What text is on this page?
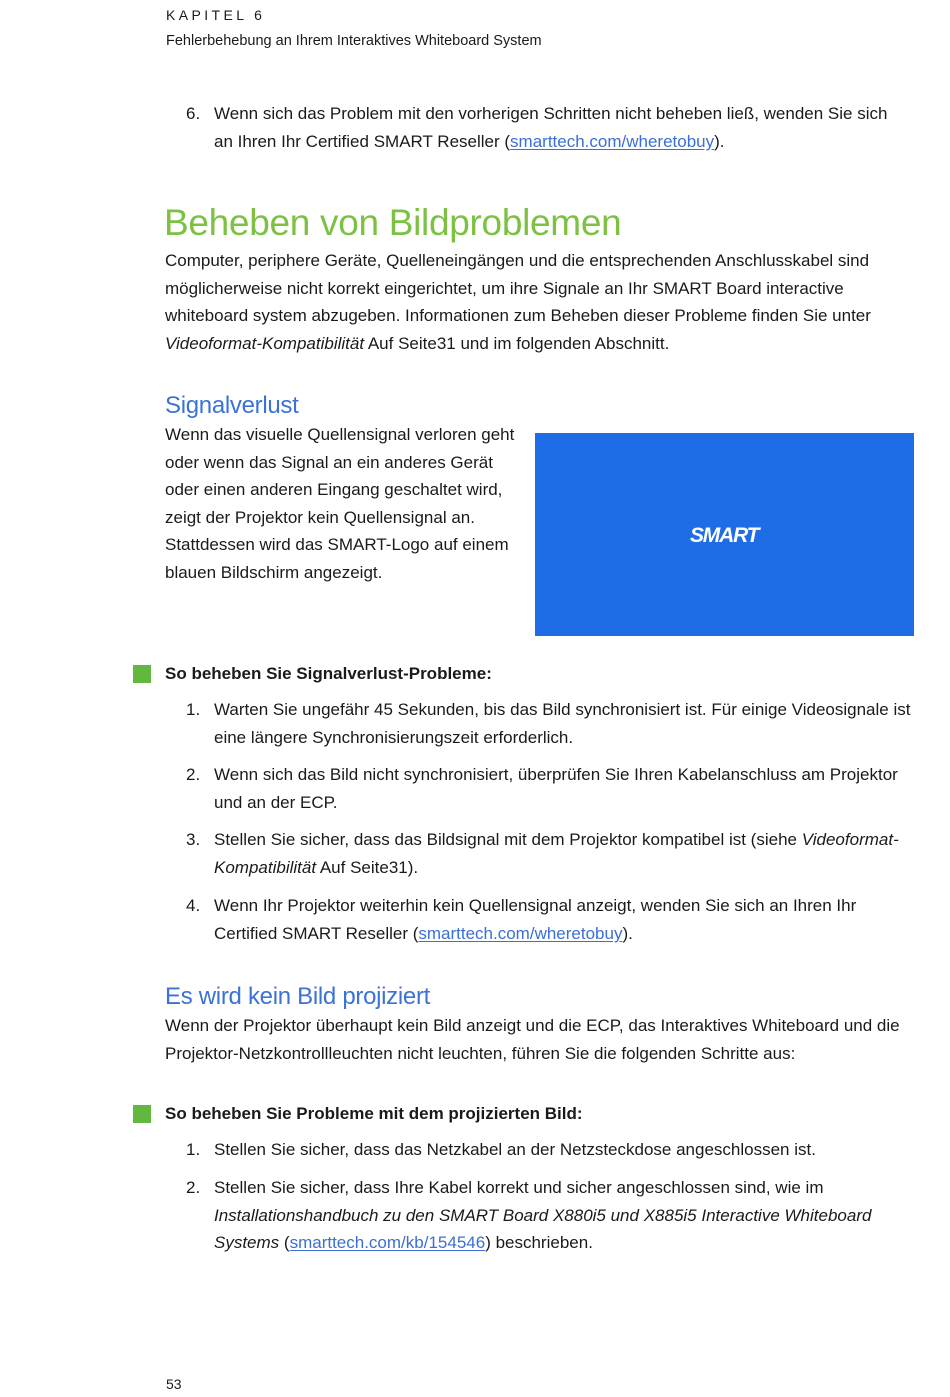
KAPITEL 6
Fehlerbehebung an Ihrem Interaktives Whiteboard System
6. Wenn sich das Problem mit den vorherigen Schritten nicht beheben ließ, wenden Sie sich an Ihren Ihr Certified SMART Reseller (smarttech.com/wheretobuy).
Beheben von Bildproblemen
Computer, periphere Geräte, Quelleneingängen und die entsprechenden Anschlusskabel sind möglicherweise nicht korrekt eingerichtet, um ihre Signale an Ihr SMART Board interactive whiteboard system abzugeben. Informationen zum Beheben dieser Probleme finden Sie unter Videoformat-Kompatibilität Auf Seite31 und im folgenden Abschnitt.
Signalverlust
Wenn das visuelle Quellensignal verloren geht oder wenn das Signal an ein anderes Gerät oder einen anderen Eingang geschaltet wird, zeigt der Projektor kein Quellensignal an. Stattdessen wird das SMART-Logo auf einem blauen Bildschirm angezeigt.
SMART
So beheben Sie Signalverlust-Probleme:
1. Warten Sie ungefähr 45 Sekunden, bis das Bild synchronisiert ist. Für einige Videosignale ist eine längere Synchronisierungszeit erforderlich.
2. Wenn sich das Bild nicht synchronisiert, überprüfen Sie Ihren Kabelanschluss am Projektor und an der ECP.
3. Stellen Sie sicher, dass das Bildsignal mit dem Projektor kompatibel ist (siehe Videoformat-Kompatibilität Auf Seite31).
4. Wenn Ihr Projektor weiterhin kein Quellensignal anzeigt, wenden Sie sich an Ihren Ihr Certified SMART Reseller (smarttech.com/wheretobuy).
Es wird kein Bild projiziert
Wenn der Projektor überhaupt kein Bild anzeigt und die ECP, das Interaktives Whiteboard und die Projektor-Netzkontrollleuchten nicht leuchten, führen Sie die folgenden Schritte aus:
So beheben Sie Probleme mit dem projizierten Bild:
1. Stellen Sie sicher, dass das Netzkabel an der Netzsteckdose angeschlossen ist.
2. Stellen Sie sicher, dass Ihre Kabel korrekt und sicher angeschlossen sind, wie im Installationshandbuch zu den SMART Board X880i5 und X885i5 Interactive Whiteboard Systems (smarttech.com/kb/154546) beschrieben.
53
